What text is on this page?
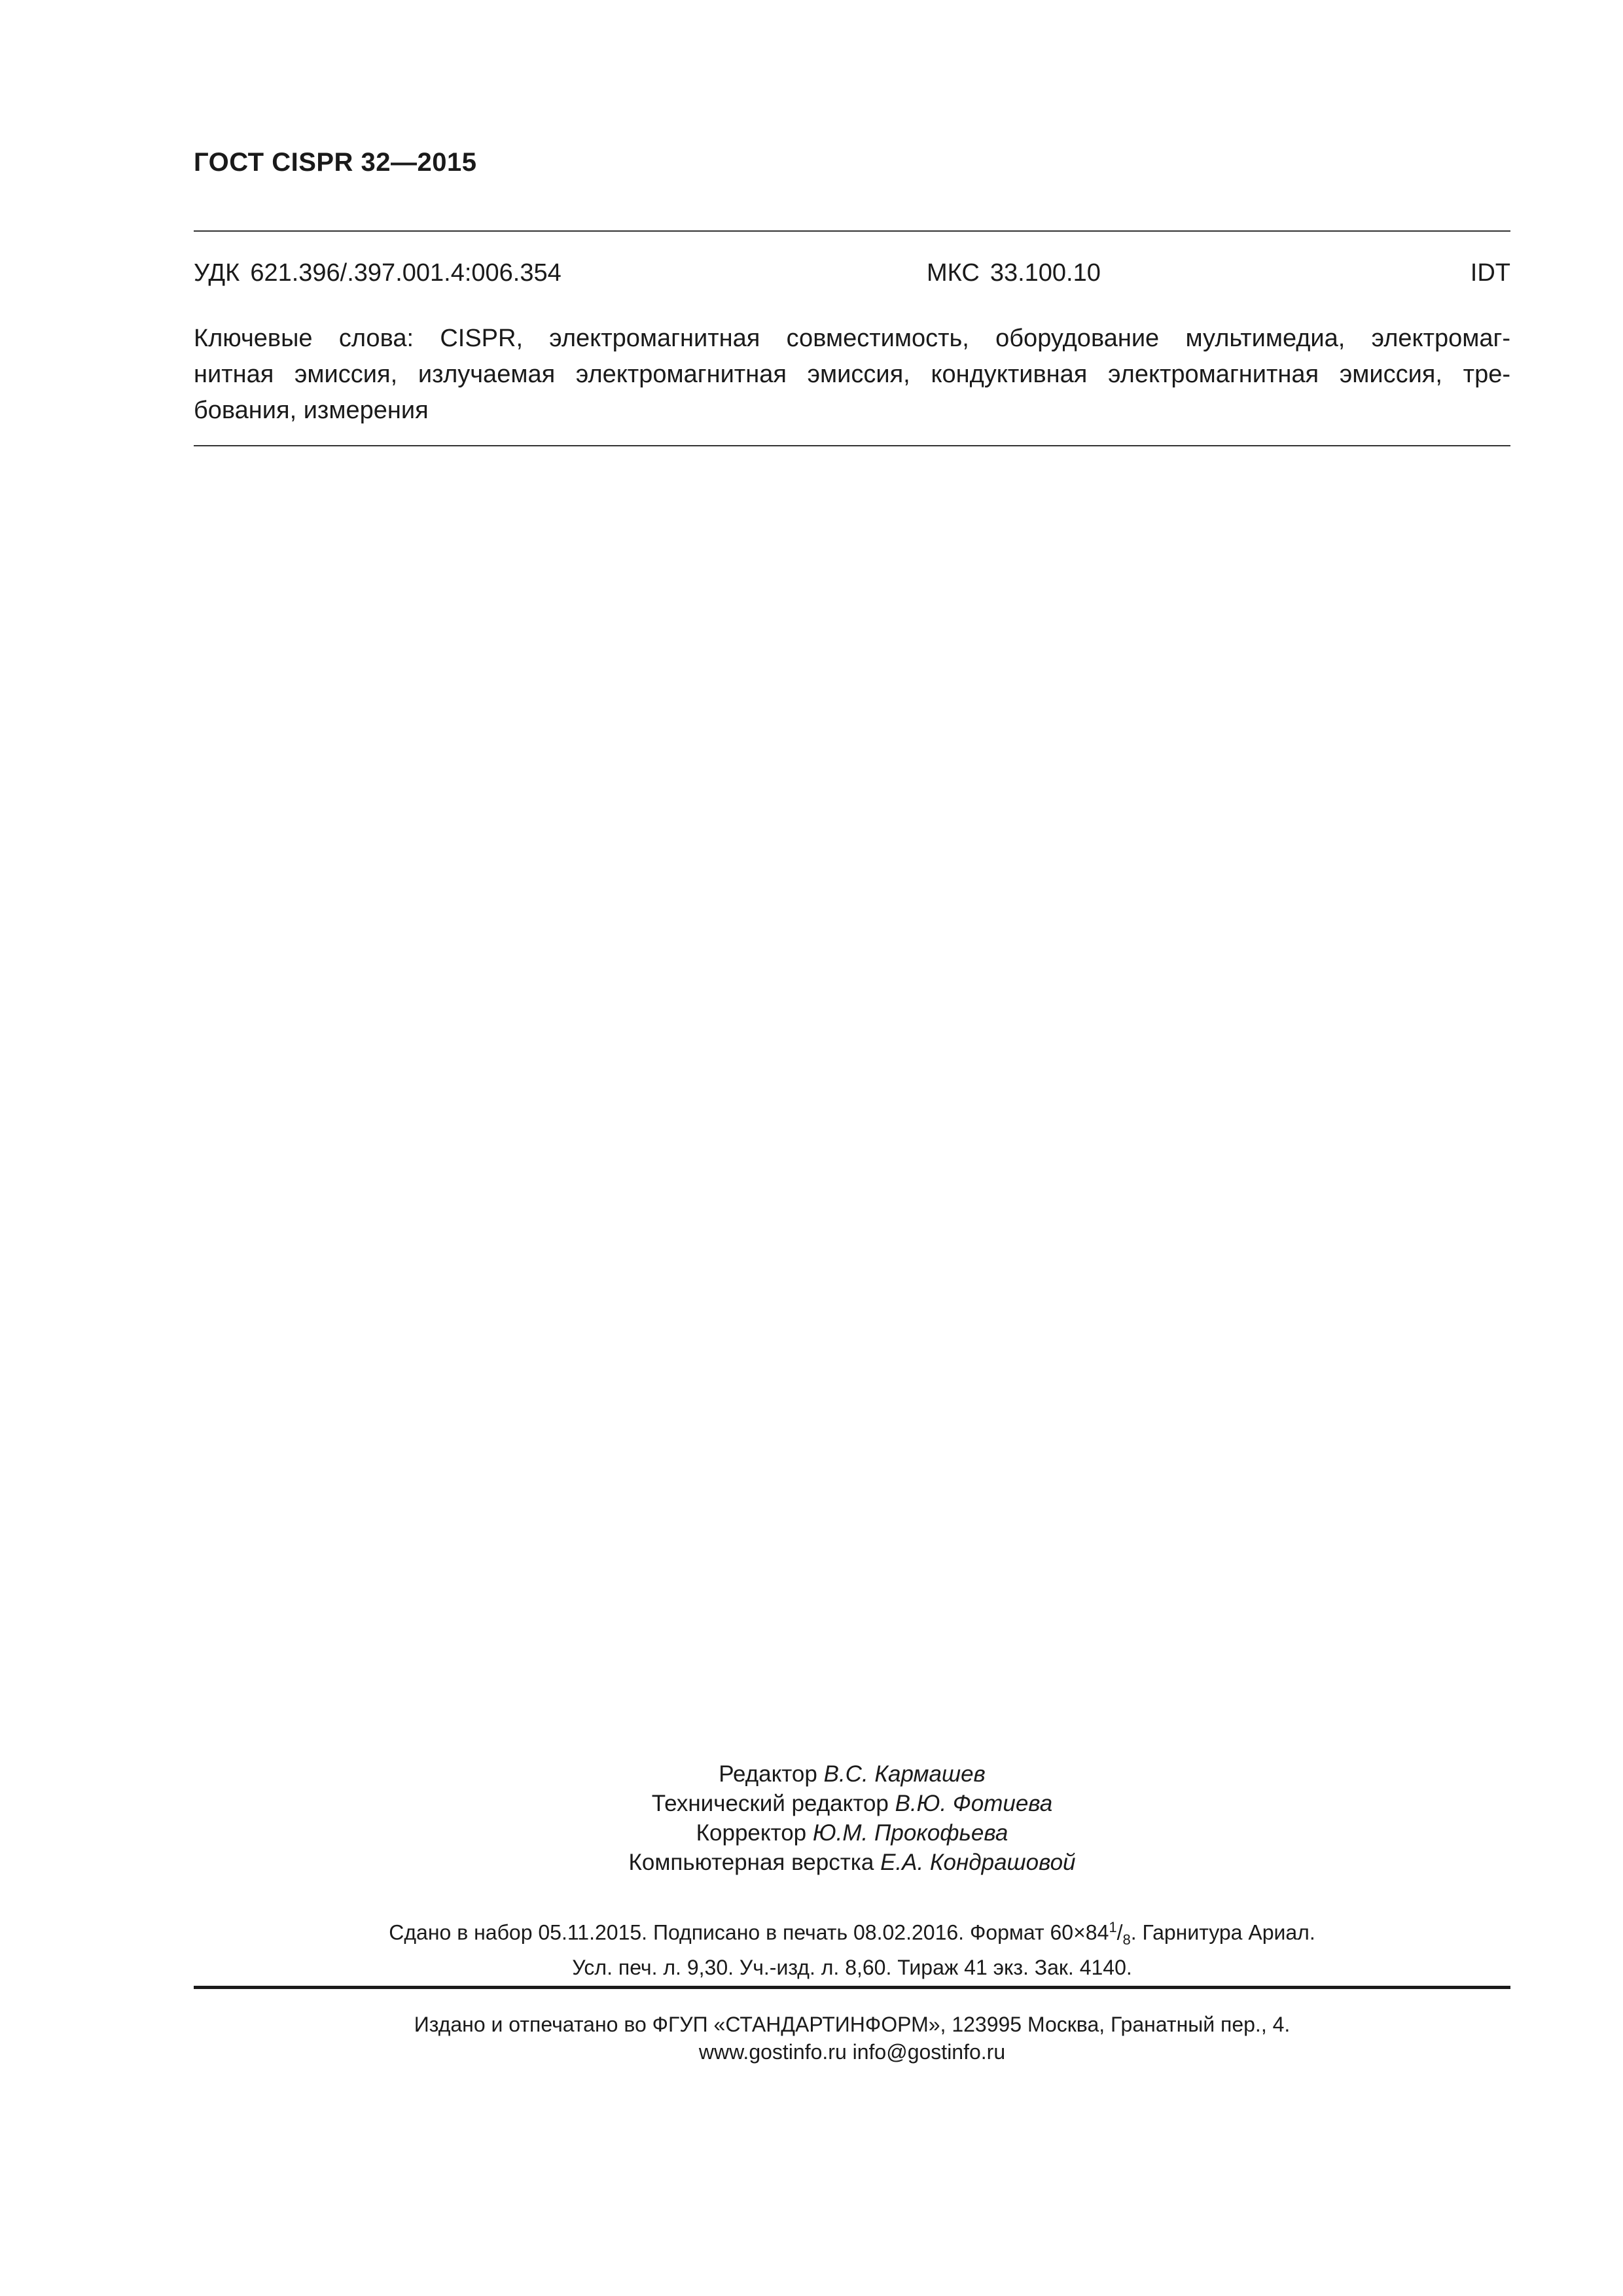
ГОСТ CISPR 32—2015
УДК 621.396/.397.001.4:006.354	МКС 33.100.10	IDT
Ключевые слова: CISPR, электромагнитная совместимость, оборудование мультимедиа, электромаг-
нитная эмиссия, излучаемая электромагнитная эмиссия, кондуктивная электромагнитная эмиссия, тре-
бования, измерения
Редактор В.С. Кармашев
Технический редактор В.Ю. Фотиева
Корректор Ю.М. Прокофьева
Компьютерная верстка Е.А. Кондрашовой
Сдано в набор 05.11.2015. Подписано в печать 08.02.2016. Формат $60\times 84^1/_8$. Гарнитура Ариал.
Усл. печ. л. 9,30. Уч.-изд. л. 8,60. Тираж 41 экз. Зак. 4140.
Издано и отпечатано во ФГУП «СТАНДАРТИНФОРМ», 123995 Москва, Гранатный пер., 4.
www.gostinfo.ru info@gostinfo.ru
